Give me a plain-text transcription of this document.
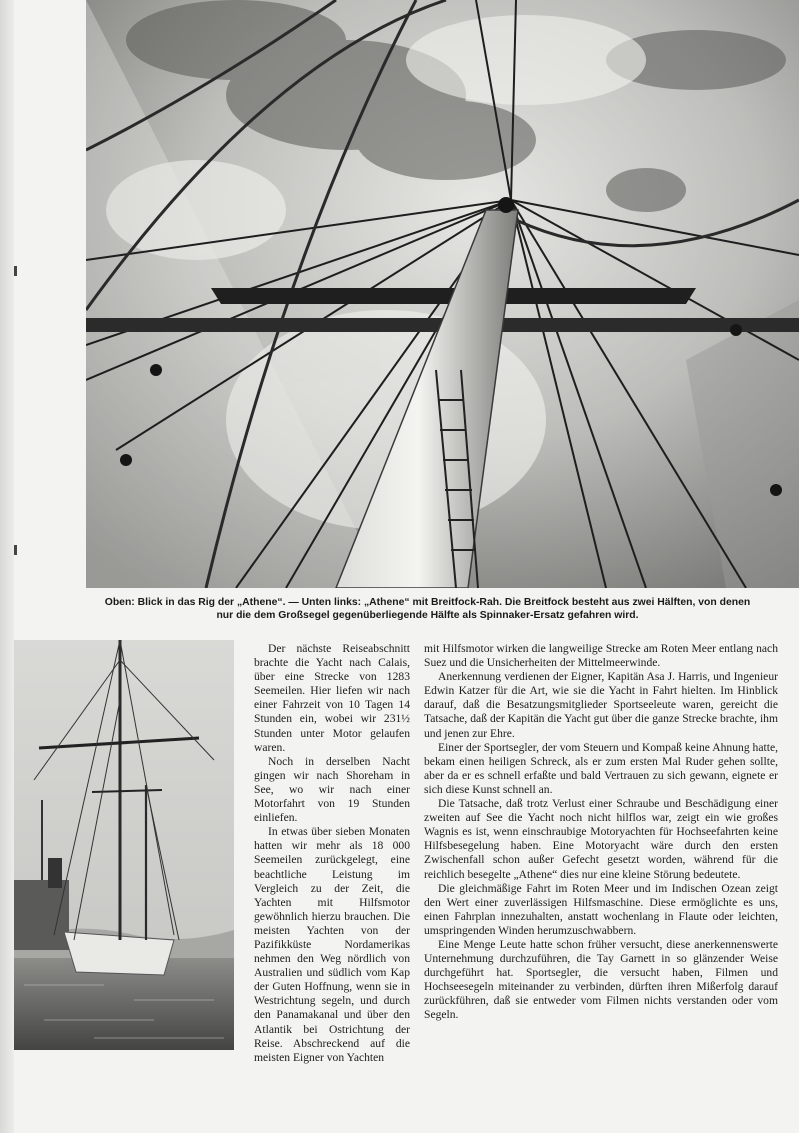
Oben: Blick in das Rig der „Athene“. — Unten links: „Athene“ mit Breitfock-Rah. Die Breitfock besteht aus zwei Hälften, von denen

nur die dem Großsegel gegenüberliegende Hälfte als Spinnaker-Ersatz gefahren wird.

Der nächste Reiseabschnitt brachte die Yacht nach Calais, über eine Strecke von 1283 Seemeilen. Hier liefen wir nach einer Fahrzeit von 10 Tagen 14 Stunden ein, wobei wir 231½ Stunden unter Motor gelaufen waren.

Noch in derselben Nacht gingen wir nach Shoreham in See, wo wir nach einer Motorfahrt von 19 Stunden einliefen.

In etwas über sieben Monaten hatten wir mehr als 18 000 Seemeilen zurückgelegt, eine beachtliche Leistung im Vergleich zu der Zeit, die Yachten mit Hilfsmotor gewöhnlich hierzu brauchen. Die meisten Yachten von der Pazifikküste Nordamerikas nehmen den Weg nördlich von Australien und südlich vom Kap der Guten Hoffnung, wenn sie in Westrichtung segeln, und durch den Panamakanal und über den Atlantik bei Ostrichtung der Reise. Abschreckend auf die meisten Eigner von Yachten

mit Hilfsmotor wirken die langweilige Strecke am Roten Meer entlang nach Suez und die Unsicherheiten der Mittelmeerwinde.

Anerkennung verdienen der Eigner, Kapitän Asa J. Harris, und Ingenieur Edwin Katzer für die Art, wie sie die Yacht in Fahrt hielten. Im Hinblick darauf, daß die Besatzungsmitglieder Sportseeleute waren, gereicht die Tatsache, daß der Kapitän die Yacht gut über die ganze Strecke brachte, ihm und jenen zur Ehre.

Einer der Sportsegler, der vom Steuern und Kompaß keine Ahnung hatte, bekam einen heiligen Schreck, als er zum ersten Mal Ruder gehen sollte, aber da er es schnell erfaßte und bald Vertrauen zu sich gewann, eignete er sich diese Kunst schnell an.

Die Tatsache, daß trotz Verlust einer Schraube und Beschädigung einer zweiten auf See die Yacht noch nicht hilflos war, zeigt ein wie großes Wagnis es ist, wenn einschraubige Motoryachten für Hochseefahrten keine Hilfsbesegelung haben. Eine Motoryacht wäre durch den ersten Zwischenfall schon außer Gefecht gesetzt worden, während für die reichlich besegelte „Athene“ dies nur eine kleine Störung bedeutete.

Die gleichmäßige Fahrt im Roten Meer und im Indischen Ozean zeigt den Wert einer zuverlässigen Hilfsmaschine. Diese ermöglichte es uns, einen Fahrplan innezuhalten, anstatt wochenlang in Flaute oder leichten, umspringenden Winden herumzuschwabbern.

Eine Menge Leute hatte schon früher versucht, diese anerkennenswerte Unternehmung durchzuführen, die Tay Garnett in so glänzender Weise durchgeführt hat. Sportsegler, die versucht haben, Filmen und Hochseesegeln miteinander zu verbinden, dürften ihren Mißerfolg darauf zurückführen, daß sie entweder vom Filmen nichts verstanden oder vom Segeln.
